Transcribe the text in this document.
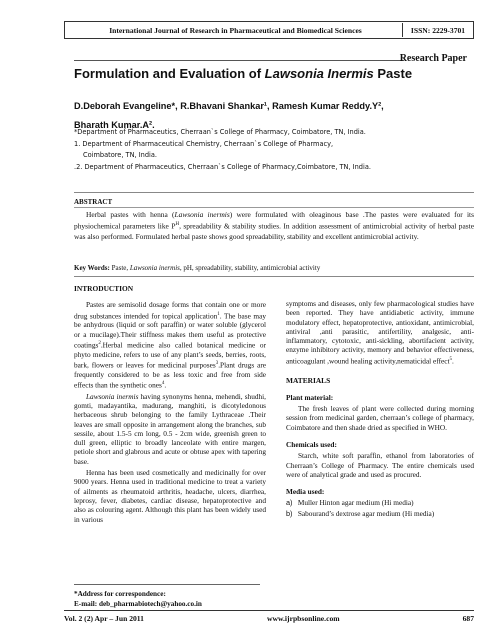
International Journal of Research in Pharmaceutical and Biomedical Sciences	ISSN: 2229-3701
Research Paper
Formulation and Evaluation of Lawsonia Inermis Paste
D.Deborah Evangeline*, R.Bhavani Shankar¹, Ramesh Kumar Reddy.Y²,
Bharath Kumar.A².
*Department of Pharmaceutics, Cherraan`s College of Pharmacy, Coimbatore, TN, India.
1. Department of Pharmaceutical Chemistry, Cherraan`s College of Pharmacy,
Coimbatore, TN, India.
.2. Department of Pharmaceutics, Cherraan`s College of Pharmacy,Coimbatore, TN, India.
ABSTRACT

Herbal pastes with henna (Lawsonia inermis) were formulated with oleaginous base .The pastes were evaluated for its physiochemical parameters like $P^H$, spreadability & stability studies. In addition assessment of antimicrobial activity of herbal paste was also performed. Formulated herbal paste shows good spreadability, stability and excellent antimicrobial activity.

Key Words: Paste, Lawsonia inermis, pH, spreadability, stability, antimicrobial activity
INTRODUCTION

Pastes are semisolid dosage forms that contain one or more drug substances intended for topical application$^1$. The base may be anhydrous (liquid or soft paraffin) or water soluble (glycerol or a mucilage).Their stiffness makes them useful as protective coatings$^2$.Herbal medicine also called botanical medicine or phyto medicine, refers to use of any plant’s seeds, berries, roots, bark, flowers or leaves for medicinal purposes$^3$.Plant drugs are frequently considered to be as less toxic and free from side effects than the synthetic ones$^4$.

Lawsonia inermis having synonyms henna, mehendi, shudhi, gomti, madayantika, madurang, manghiti, is dicotyledonous herbaceous shrub belonging to the family Lythraceae .Their leaves are small opposite in arrangement along the branches, sub sessile, about 1.5-5 cm long, 0.5 - 2cm wide, greenish green to dull green, elliptic to broadly lanceolate with entire margen, petiole short and glabrous and acute or obtuse apex with tapering base.

Henna has been used cosmetically and medicinally for over 9000 years. Henna used in traditional medicine to treat a variety of ailments as rheumatoid arthritis, headache, ulcers, diarrhea, leprosy, fever, diabetes, cardiac disease, hepatoprotective and also as colouring agent. Although this plant has been widely used in various

symptoms and diseases, only few pharmacological studies have been reported. They have antidiabetic activity, immune modulatory effect, hepatoprotective, antioxidant, antimicrobial, antiviral ,anti parasitic, antifertility, analgesic, anti-inflammatory, cytotoxic, anti-sickling, abortifacient activity, enzyme inhibitory activity, memory and behavior effectiveness, anticoagulant ,wound healing activity,nematicidal effect$^5$.

MATERIALS
Plant material:

The fresh leaves of plant were collected during morning session from medicinal garden, cherraan’s college of pharmacy, Coimbatore and then shade dried as specified in WHO.

Chemicals used:

Starch, white soft paraffin, ethanol from laboratories of Cherraan’s College of Pharmacy. The entire chemicals used were of analytical grade and used as procured.

Media used:
a) Muller Hinton agar medium (Hi media)
b) Sabourand’s dextrose agar medium (Hi media)
*Address for correspondence:
E-mail: deb_pharmabiotech@yahoo.co.in
Vol. 2 (2) Apr – Jun 2011	www.ijrpbsonline.com	687
